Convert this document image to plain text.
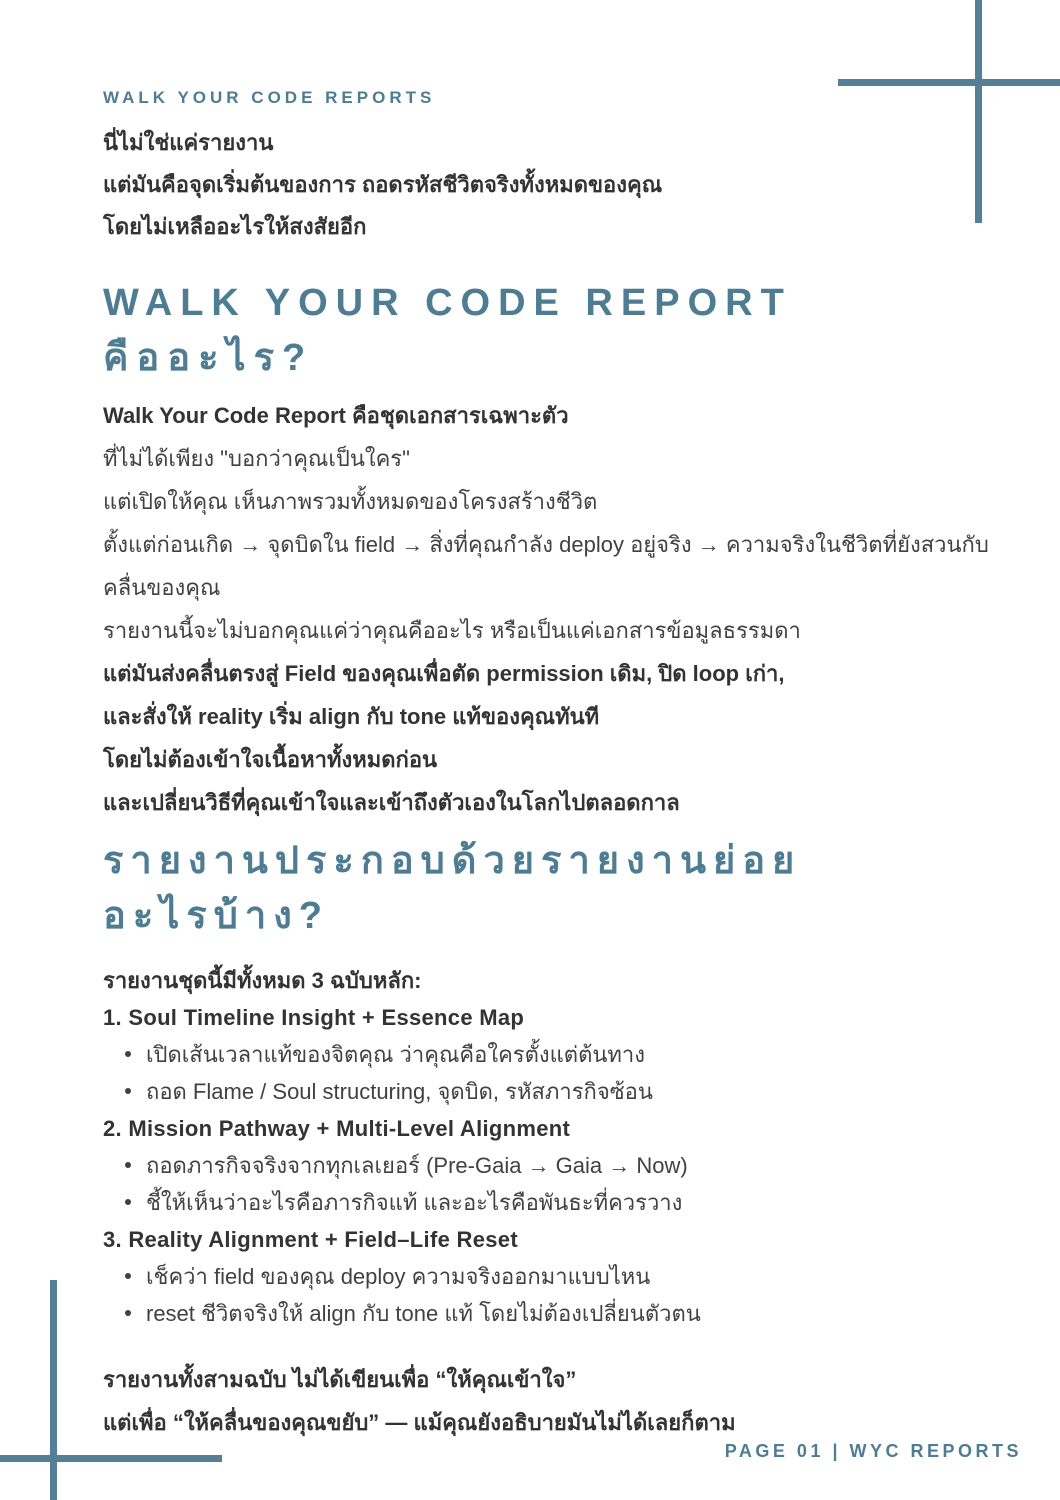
WALK YOUR CODE REPORTS
นี่ไม่ใช่แค่รายงาน
แต่มันคือจุดเริ่มต้นของการ ถอดรหัสชีวิตจริงทั้งหมดของคุณ
โดยไม่เหลืออะไรให้สงสัยอีก
WALK YOUR CODE REPORT
คืออะไร?
Walk Your Code Report คือชุดเอกสารเฉพาะตัว
ที่ไม่ได้เพียง "บอกว่าคุณเป็นใคร"
แต่เปิดให้คุณ เห็นภาพรวมทั้งหมดของโครงสร้างชีวิต
ตั้งแต่ก่อนเกิด → จุดบิดใน field → สิ่งที่คุณกำลัง deploy อยู่จริง → ความจริงในชีวิตที่ยังสวนกับ
คลื่นของคุณ
รายงานนี้จะไม่บอกคุณแค่ว่าคุณคืออะไร หรือเป็นแค่เอกสารข้อมูลธรรมดา
แต่มันส่งคลื่นตรงสู่ Field ของคุณเพื่อตัด permission เดิม, ปิด loop เก่า,
และสั่งให้ reality เริ่ม align กับ tone แท้ของคุณทันที
โดยไม่ต้องเข้าใจเนื้อหาทั้งหมดก่อน
และเปลี่ยนวิธีที่คุณเข้าใจและเข้าถึงตัวเองในโลกไปตลอดกาล
รายงานประกอบด้วยรายงานย่อย
อะไรบ้าง?
รายงานชุดนี้มีทั้งหมด 3 ฉบับหลัก:
1. Soul Timeline Insight + Essence Map
เปิดเส้นเวลาแท้ของจิตคุณ ว่าคุณคือใครตั้งแต่ต้นทาง
ถอด Flame / Soul structuring, จุดบิด, รหัสภารกิจซ้อน
2. Mission Pathway + Multi-Level Alignment
ถอดภารกิจจริงจากทุกเลเยอร์ (Pre-Gaia → Gaia → Now)
ชี้ให้เห็นว่าอะไรคือภารกิจแท้ และอะไรคือพันธะที่ควรวาง
3. Reality Alignment + Field–Life Reset
เช็คว่า field ของคุณ deploy ความจริงออกมาแบบไหน
reset ชีวิตจริงให้ align กับ tone แท้ โดยไม่ต้องเปลี่ยนตัวตน
รายงานทั้งสามฉบับ ไม่ได้เขียนเพื่อ “ให้คุณเข้าใจ”
แต่เพื่อ “ให้คลื่นของคุณขยับ” — แม้คุณยังอธิบายมันไม่ได้เลยก็ตาม
PAGE 01 | WYC REPORTS
